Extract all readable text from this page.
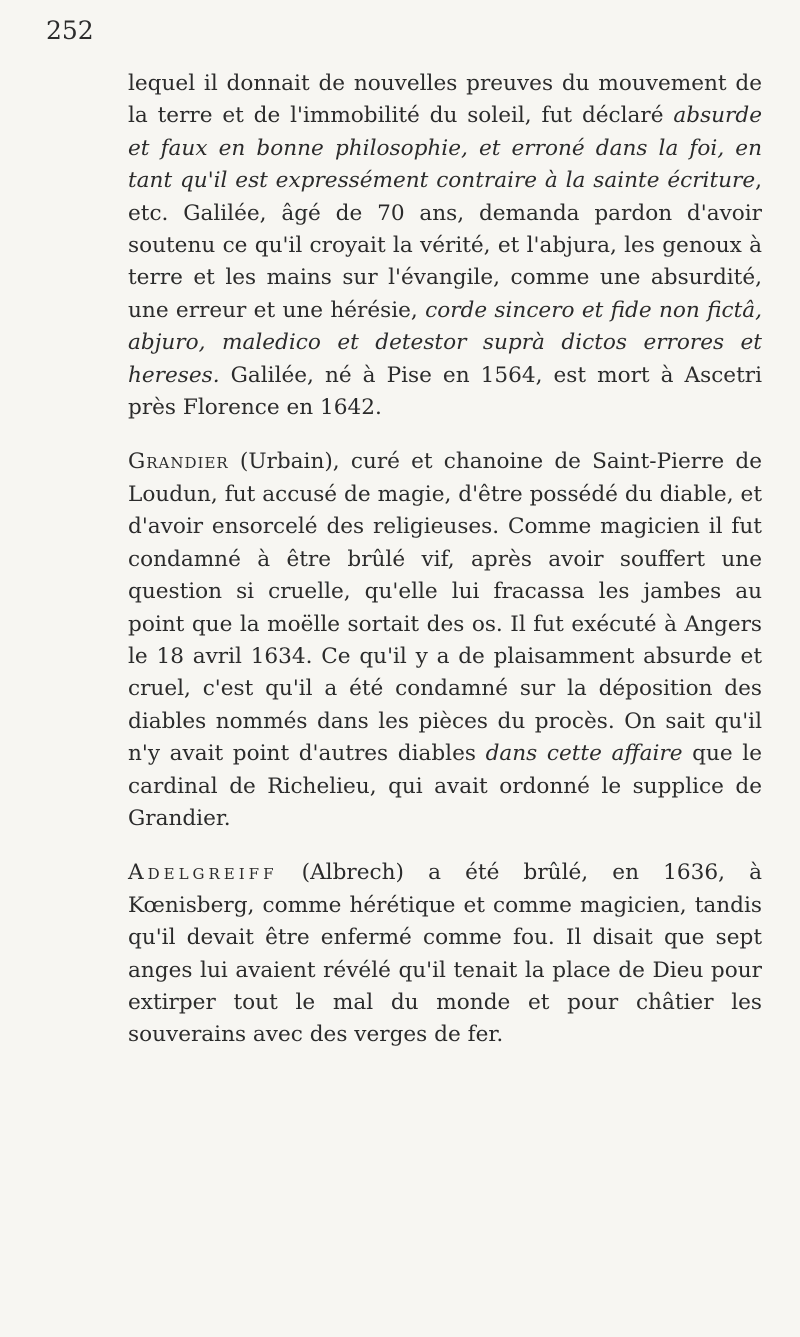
252

lequel il donnait de nouvelles preuves du mouvement de la terre et de l'immobilité du soleil, fut déclaré absurde et faux en bonne philosophie, et erroné dans la foi, en tant qu'il est expressément contraire à la sainte écriture, etc. Galilée, âgé de 70 ans, demanda pardon d'avoir soutenu ce qu'il croyait la vérité, et l'abjura, les genoux à terre et les mains sur l'évangile, comme une absurdité, une erreur et une hérésie, corde sincero et fide non fictâ, abjuro, maledico et detestor suprà dictos errores et hereses. Galilée, né à Pise en 1564, est mort à Ascetri près Florence en 1642.

Grandier (Urbain), curé et chanoine de Saint-Pierre de Loudun, fut accusé de magie, d'être possédé du diable, et d'avoir ensorcelé des religieuses. Comme magicien il fut condamné à être brûlé vif, après avoir souffert une question si cruelle, qu'elle lui fracassa les jambes au point que la moëlle sortait des os. Il fut exécuté à Angers le 18 avril 1634. Ce qu'il y a de plaisamment absurde et cruel, c'est qu'il a été condamné sur la déposition des diables nommés dans les pièces du procès. On sait qu'il n'y avait point d'autres diables dans cette affaire que le cardinal de Richelieu, qui avait ordonné le supplice de Grandier.

Adelgreiff (Albrech) a été brûlé, en 1636, à Kœnisberg, comme hérétique et comme magicien, tandis qu'il devait être enfermé comme fou. Il disait que sept anges lui avaient révélé qu'il tenait la place de Dieu pour extirper tout le mal du monde et pour châtier les souverains avec des verges de fer.
